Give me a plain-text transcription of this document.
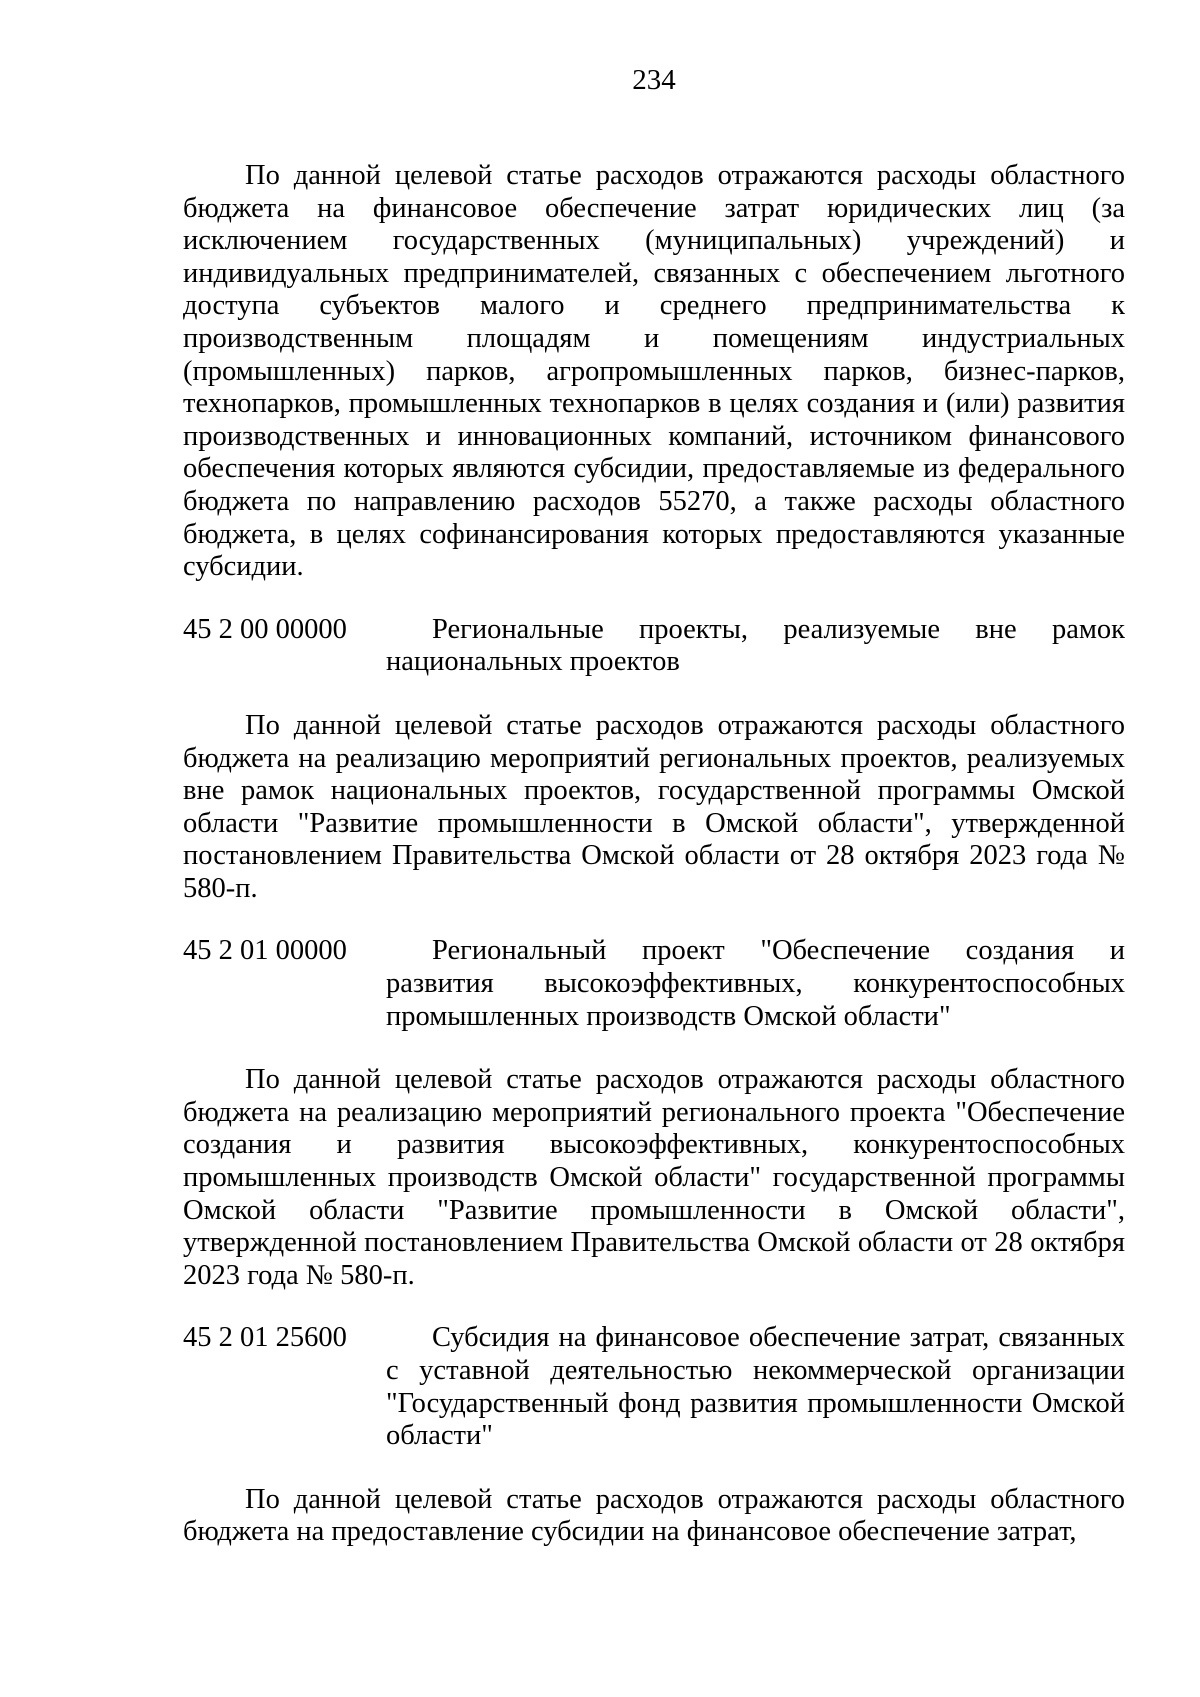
234

По данной целевой статье расходов отражаются расходы областного бюджета на финансовое обеспечение затрат юридических лиц (за исключением государственных (муниципальных) учреждений) и индивидуальных предпринимателей, связанных с обеспечением льготного доступа субъектов малого и среднего предпринимательства к производственным площадям и помещениям индустриальных (промышленных) парков, агропромышленных парков, бизнес-парков, технопарков, промышленных технопарков в целях создания и (или) развития производственных и инновационных компаний, источником финансового обеспечения которых являются субсидии, предоставляемые из федерального бюджета по направлению расходов 55270, а также расходы областного бюджета, в целях софинансирования которых предоставляются указанные субсидии.

45 2 00 00000	Региональные проекты, реализуемые вне рамок национальных проектов

По данной целевой статье расходов отражаются расходы областного бюджета на реализацию мероприятий региональных проектов, реализуемых вне рамок национальных проектов, государственной программы Омской области "Развитие промышленности в Омской области", утвержденной постановлением Правительства Омской области от 28 октября 2023 года № 580-п.

45 2 01 00000	Региональный проект "Обеспечение создания и развития высокоэффективных, конкурентоспособных промышленных производств Омской области"

По данной целевой статье расходов отражаются расходы областного бюджета на реализацию мероприятий регионального проекта "Обеспечение создания и развития высокоэффективных, конкурентоспособных промышленных производств Омской области" государственной программы Омской области "Развитие промышленности в Омской области", утвержденной постановлением Правительства Омской области от 28 октября 2023 года № 580-п.

45 2 01 25600	Субсидия на финансовое обеспечение затрат, связанных с уставной деятельностью некоммерческой организации "Государственный фонд развития промышленности Омской области"

По данной целевой статье расходов отражаются расходы областного бюджета на предоставление субсидии на финансовое обеспечение затрат,
